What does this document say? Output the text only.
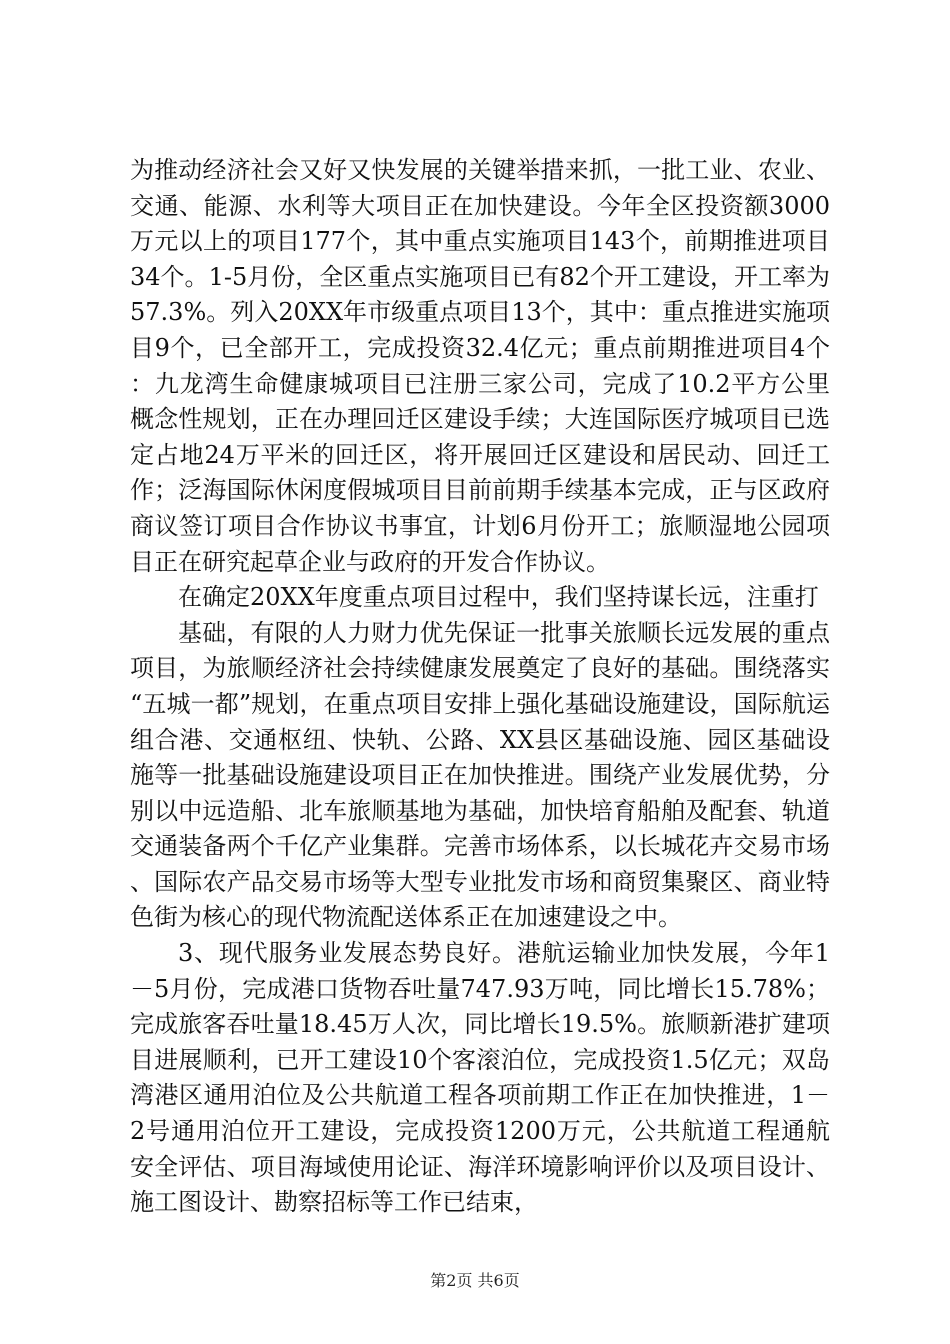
为推动经济社会又好又快发展的关键举措来抓，一批工业、农业、交通、能源、水利等大项目正在加快建设。今年全区投资额3000万元以上的项目177个，其中重点实施项目143个，前期推进项目34个。1-5月份，全区重点实施项目已有82个开工建设，开工率为57.3%。列入20XX年市级重点项目13个，其中：重点推进实施项目9个，已全部开工，完成投资32.4亿元；重点前期推进项目4个：九龙湾生命健康城项目已注册三家公司，完成了10.2平方公里概念性规划，正在办理回迁区建设手续；大连国际医疗城项目已选定占地24万平米的回迁区，将开展回迁区建设和居民动、回迁工作；泛海国际休闲度假城项目目前前期手续基本完成，正与区政府商议签订项目合作协议书事宜，计划6月份开工；旅顺湿地公园项目正在研究起草企业与政府的开发合作协议。

在确定20XX年度重点项目过程中，我们坚持谋长远，注重打

基础，有限的人力财力优先保证一批事关旅顺长远发展的重点项目，为旅顺经济社会持续健康发展奠定了良好的基础。围绕落实“五城一都”规划，在重点项目安排上强化基础设施建设，国际航运组合港、交通枢纽、快轨、公路、XX县区基础设施、园区基础设施等一批基础设施建设项目正在加快推进。围绕产业发展优势，分别以中远造船、北车旅顺基地为基础，加快培育船舶及配套、轨道交通装备两个千亿产业集群。完善市场体系，以长城花卉交易市场、国际农产品交易市场等大型专业批发市场和商贸集聚区、商业特色街为核心的现代物流配送体系正在加速建设之中。

3、现代服务业发展态势良好。港航运输业加快发展，今年1－5月份，完成港口货物吞吐量747.93万吨，同比增长15.78%；完成旅客吞吐量18.45万人次，同比增长19.5%。旅顺新港扩建项目进展顺利，已开工建设10个客滚泊位，完成投资1.5亿元；双岛湾港区通用泊位及公共航道工程各项前期工作正在加快推进，1－2号通用泊位开工建设，完成投资1200万元，公共航道工程通航安全评估、项目海域使用论证、海洋环境影响评价以及项目设计、施工图设计、勘察招标等工作已结束，

第2页 共6页
